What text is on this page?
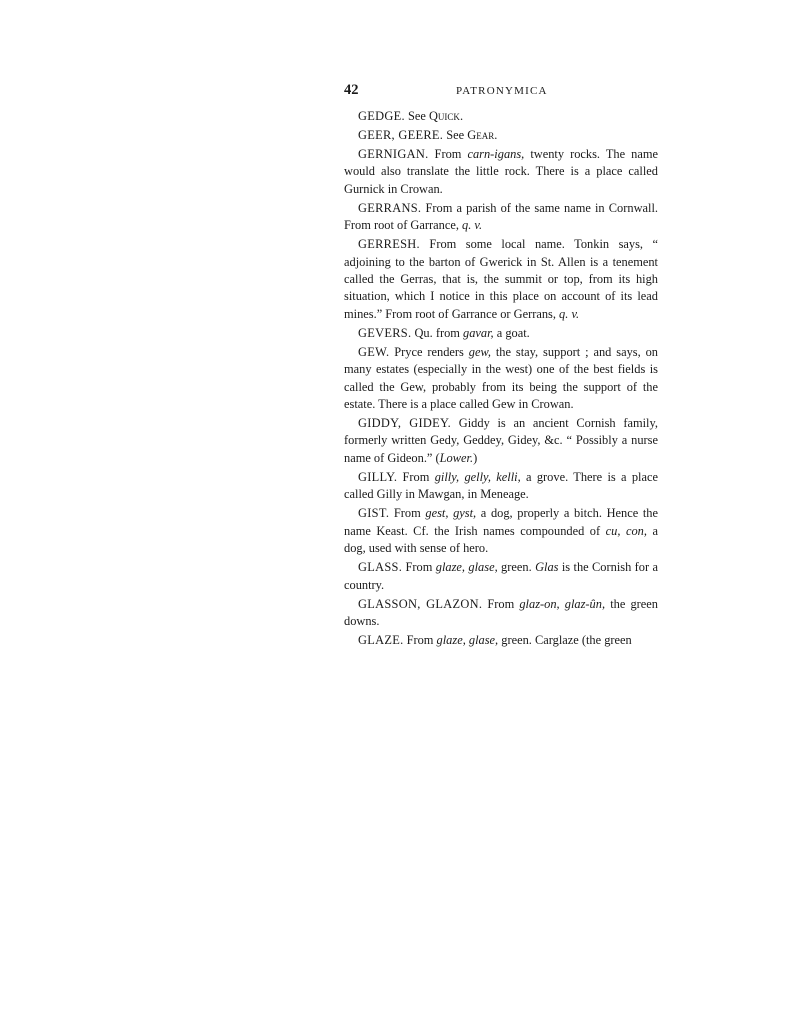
42	PATRONYMICA

GEDGE. See Quick.

GEER, GEERE. See Gear.

GERNIGAN. From carn-igans, twenty rocks. The name would also translate the little rock. There is a place called Gurnick in Crowan.

GERRANS. From a parish of the same name in Cornwall. From root of Garrance, q. v.

GERRESH. From some local name. Tonkin says, “ adjoining to the barton of Gwerick in St. Allen is a tenement called the Gerras, that is, the summit or top, from its high situation, which I notice in this place on account of its lead mines.” From root of Garrance or Gerrans, q. v.

GEVERS. Qu. from gavar, a goat.

GEW. Pryce renders gew, the stay, support ; and says, on many estates (especially in the west) one of the best fields is called the Gew, probably from its being the support of the estate. There is a place called Gew in Crowan.

GIDDY, GIDEY. Giddy is an ancient Cornish family, formerly written Gedy, Geddey, Gidey, &c. “ Possibly a nurse name of Gideon.” (Lower.)

GILLY. From gilly, gelly, kelli, a grove. There is a place called Gilly in Mawgan, in Meneage.

GIST. From gest, gyst, a dog, properly a bitch. Hence the name Keast. Cf. the Irish names compounded of cu, con, a dog, used with sense of hero.

GLASS. From glaze, glase, green. Glas is the Cornish for a country.

GLASSON, GLAZON. From glaz-on, glaz-ûn, the green downs.

GLAZE. From glaze, glase, green. Carglaze (the green
